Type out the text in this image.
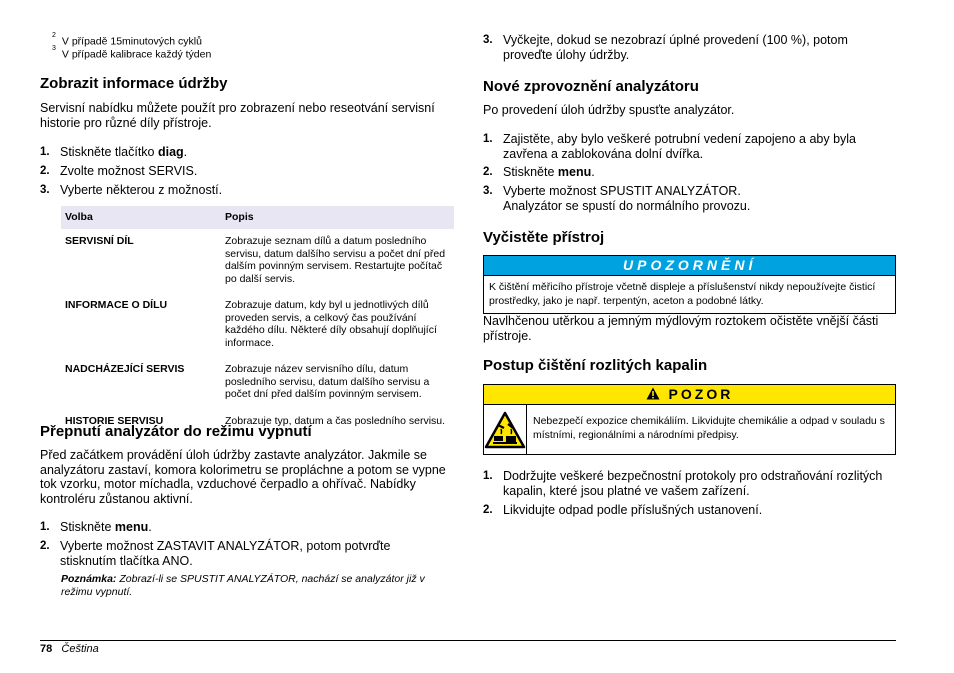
$^2$ V případě 15minutových cyklů
$^3$ V případě kalibrace každý týden
Zobrazit informace údržby

Servisní nabídku můžete použít pro zobrazení nebo reseotvání servisní historie pro různé díly přístroje.

1. Stiskněte tlačítko diag.
2. Zvolte možnost SERVIS.
3. Vyberte některou z možností.
Volba	Popis
SERVISNÍ DÍL	Zobrazuje seznam dílů a datum posledního servisu, datum dalšího servisu a počet dní před dalším povinným servisem. Restartujte počítač po další servis.
INFORMACE O DÍLU	Zobrazuje datum, kdy byl u jednotlivých dílů proveden servis, a celkový čas používání každého dílu. Některé díly obsahují doplňující informace.
NADCHÁZEJÍCÍ SERVIS	Zobrazuje název servisního dílu, datum posledního servisu, datum dalšího servisu a počet dní před dalším povinným servisem.
HISTORIE SERVISU	Zobrazuje typ, datum a čas posledního servisu.
Přepnutí analyzátor do režimu vypnutí

Před začátkem provádění úloh údržby zastavte analyzátor. Jakmile se analyzátoru zastaví, komora kolorimetru se propláchne a potom se vypne tok vzorku, motor míchadla, vzduchové čerpadlo a ohřívač. Nabídky kontroléru zůstanou aktivní.

1. Stiskněte menu.
2. Vyberte možnost ZASTAVIT ANALYZÁTOR, potom potvrďte stisknutím tlačítka ANO.
Poznámka: Zobrazí-li se SPUSTIT ANALYZÁTOR, nachází se analyzátor již v režimu vypnutí.
3. Vyčkejte, dokud se nezobrazí úplné provedení (100 %), potom proveďte úlohy údržby.
Nové zprovoznění analyzátoru

Po provedení úloh údržby spusťte analyzátor.

1. Zajistěte, aby bylo veškeré potrubní vedení zapojeno a aby byla zavřena a zablokována dolní dvířka.
2. Stiskněte menu.
3. Vyberte možnost SPUSTIT ANALYZÁTOR.

Analyzátor se spustí do normálního provozu.

Vyčistěte přístroj
UPOZORNĚNÍ
K čištění měřicího přístroje včetně displeje a příslušenství nikdy nepoužívejte čisticí prostředky, jako je např. terpentýn, aceton a podobné látky.

Navlhčenou utěrkou a jemným mýdlovým roztokem očistěte vnější části přístroje.

Postup čištění rozlitých kapalin
POZOR
Nebezpečí expozice chemikáliím. Likvidujte chemikálie a odpad v souladu s místními, regionálními a národními předpisy.
1. Dodržujte veškeré bezpečnostní protokoly pro odstraňování rozlitých kapalin, které jsou platné ve vašem zařízení.
2. Likvidujte odpad podle příslušných ustanovení.
78 Čeština
